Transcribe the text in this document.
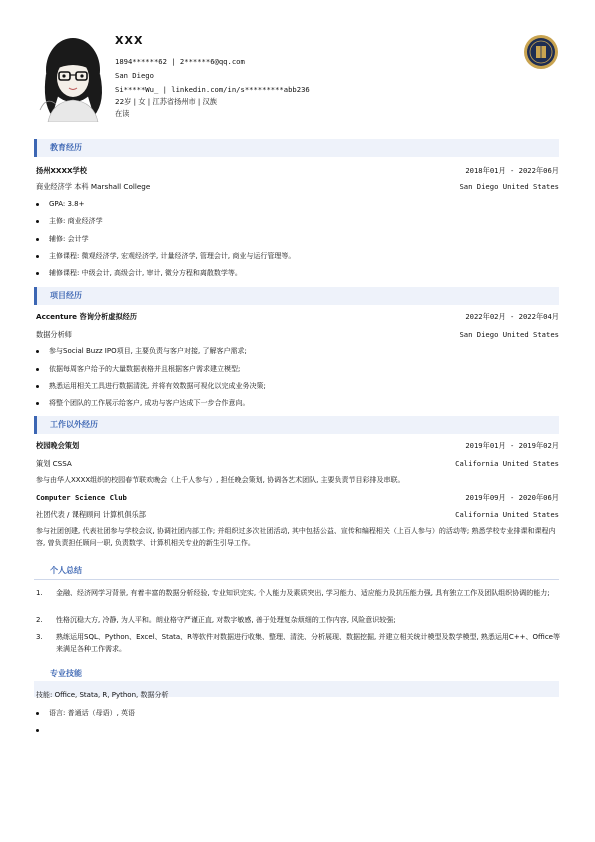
XXX
1894******62 | 2******6@qq.com
San Diego
Si*****Wu_ | linkedin.com/in/s*********abb236
22岁 | 女 | 江苏省扬州市 | 汉族
在读
教育经历
扬州XXXX学校	2018年01月 - 2022年06月
商业经济学 本科 Marshall College	San Diego United States
GPA: 3.8+
主修: 商业经济学
辅修: 会计学
主修课程: 微观经济学, 宏观经济学, 计量经济学, 管理会计, 商业与运行管理等。
辅修课程: 中级会计, 高级会计, 审计, 微分方程和离散数学等。
项目经历
Accenture 咨询分析虚拟经历	2022年02月 - 2022年04月
数据分析师	San Diego United States
参与Social Buzz IPO项目, 主要负责与客户对接, 了解客户需求;
依据每周客户给予的大量数据表格并且根据客户需求建立模型;
熟悉运用相关工具进行数据清洗, 并将有效数据可视化以完成业务决策;
将整个团队的工作展示给客户, 成功与客户达成下一步合作意向。
工作以外经历
校园晚会策划	2019年01月 - 2019年02月
策划 CSSA	California United States
参与由华人XXXX组织的校园春节联欢晚会（上千人参与）, 担任晚会策划, 协调各艺术团队, 主要负责节目彩排及串联。
Computer Science Club	2019年09月 - 2020年06月
社团代表 / 课程顾问 计算机俱乐部	California United States
参与社团创建, 代表社团参与学校会议, 协调社团内部工作; 并组织过多次社团活动, 其中包括公益、宣传和编程相关（上百人参与）的活动等; 熟悉学校专业排课和课程内容, 曾负责担任顾问一职, 负责数学、计算机相关专业的新生引导工作。
个人总结
1. 金融、经济网学习背景, 有着丰富的数据分析经验, 专业知识完实, 个人能力及素质突出, 学习能力、适应能力及抗压能力强, 具有独立工作及团队组织协调的能力;
2. 性格沉稳大方, 冷静, 为人平和。朗业格守严谨正直, 对数字敏感, 善于处理复杂烦细的工作内容, 风险意识较强;
3. 熟练运用SQL、Python、Excel、Stata、R等软件对数据进行收集、整理、清洗、分析展现、数据挖掘, 并建立相关统计模型及数学模型, 熟悉运用C++、Office等来满足各种工作需求。
专业技能
技能: Office, Stata, R, Python, 数据分析
语言: 普通话（母语）, 英语
